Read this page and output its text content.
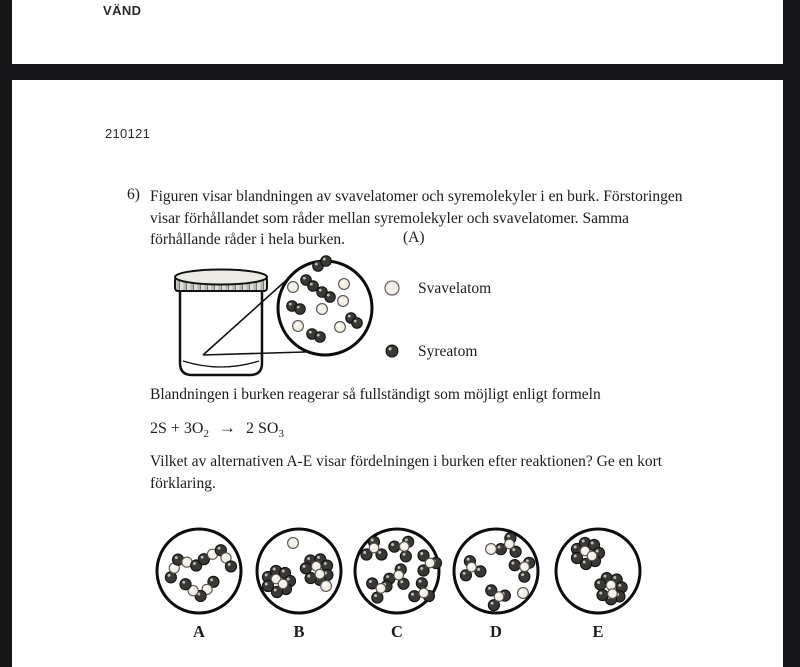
VÄND
210121
6) Figuren visar blandningen av svavelatomer och syremolekyler i en burk. Förstoringen
visar förhållandet som råder mellan syremolekyler och svavelatomer. Samma
förhållande råder i hela burken.	(A)
Svavelatom
Syreatom
Blandningen i burken reagerar så fullständigt som möjligt enligt formeln
$2S + 3O_2 \to 2$ $SO_3$
Vilket av alternativen A-E visar fördelningen i burken efter reaktionen? Ge en kort
förklaring.
A	B	C	D	E
